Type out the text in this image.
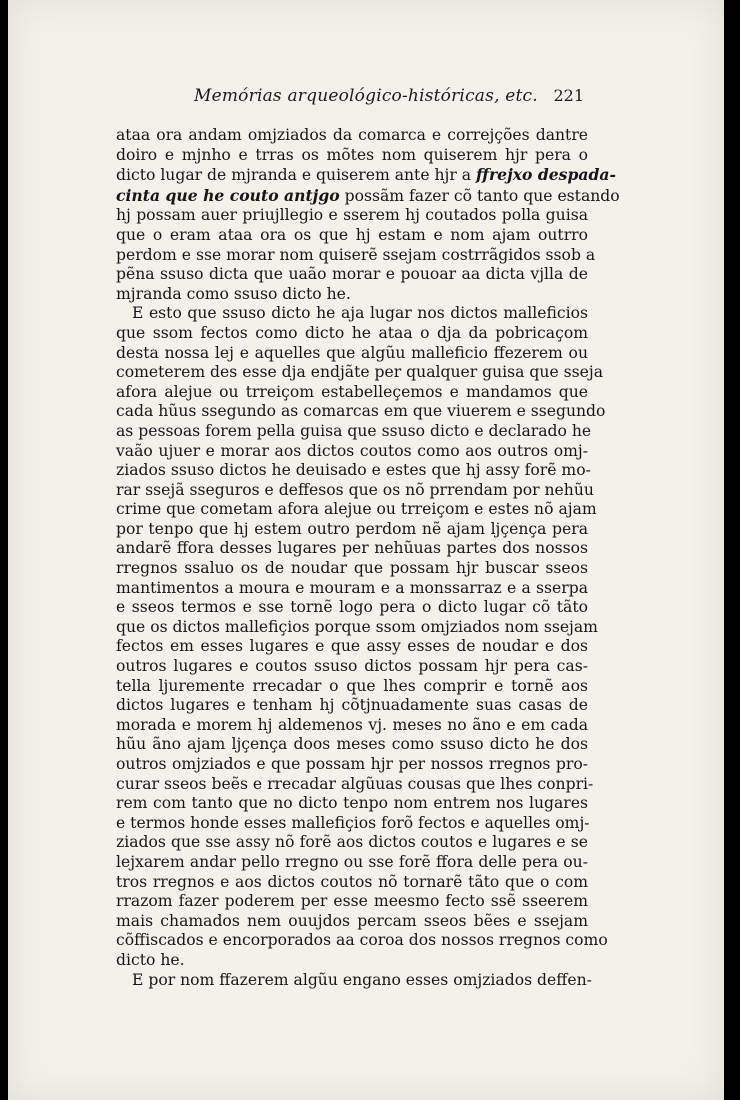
Memórias arqueológico-históricas, etc. 221
ataa ora andam omjziados da comarca e correjções dantre
doiro e mjnho e trras os mõtes nom quiserem hjr pera o
dicto lugar de mjranda e quiserem ante hjr a ffrejxo despada-
cinta que he couto antjgo possãm fazer cõ tanto que estando
hj possam auer priujllegio e sserem hj coutados polla guisa
que o eram ataa ora os que hj estam e nom ajam outrro
perdom e sse morar nom quiserẽ ssejam costrrãgidos ssob a
pẽna ssuso dicta que uaão morar e pouoar aa dicta vjlla de
mjranda como ssuso dicto he.
E esto que ssuso dicto he aja lugar nos dictos malleficios
que ssom fectos como dicto he ataa o dja da pobricaçom
desta nossa lej e aquelles que algũu malleficio ffezerem ou
cometerem des esse dja endjãte per qualquer guisa que sseja
afora alejue ou trreiçom estabelleçemos e mandamos que
cada hũus ssegundo as comarcas em que viuerem e ssegundo
as pessoas forem pella guisa que ssuso dicto e declarado he
vaão ujuer e morar aos dictos coutos como aos outros omj-
ziados ssuso dictos he deuisado e estes que hj assy forẽ mo-
rar ssejã sseguros e deffesos que os nõ prrendam por nehũu
crime que cometam afora alejue ou trreiçom e estes nõ ajam
por tenpo que hj estem outro perdom nẽ ajam ljçença pera
andarẽ ffora desses lugares per nehũuas partes dos nossos
rregnos ssaluo os de noudar que possam hjr buscar sseos
mantimentos a moura e mouram e a monssarraz e a sserpa
e sseos termos e sse tornẽ logo pera o dicto lugar cõ tãto
que os dictos mallefiçios porque ssom omjziados nom ssejam
fectos em esses lugares e que assy esses de noudar e dos
outros lugares e coutos ssuso dictos possam hjr pera cas-
tella ljuremente rrecadar o que lhes comprir e tornẽ aos
dictos lugares e tenham hj cõtjnuadamente suas casas de
morada e morem hj aldemenos vj. meses no ãno e em cada
hũu ãno ajam ljçença doos meses como ssuso dicto he dos
outros omjziados e que possam hjr per nossos rregnos pro-
curar sseos beẽs e rrecadar algũuas cousas que lhes conpri-
rem com tanto que no dicto tenpo nom entrem nos lugares
e termos honde esses mallefiçios forõ fectos e aquelles omj-
ziados que sse assy nõ forẽ aos dictos coutos e lugares e se
lejxarem andar pello rregno ou sse forẽ ffora delle pera ou-
tros rregnos e aos dictos coutos nõ tornarẽ tãto que o com
rrazom fazer poderem per esse meesmo fecto ssẽ sseerem
mais chamados nem ouujdos percam sseos bẽes e ssejam
cõffiscados e encorporados aa coroa dos nossos rregnos como
dicto he.
E por nom ffazerem algũu engano esses omjziados deffen-
